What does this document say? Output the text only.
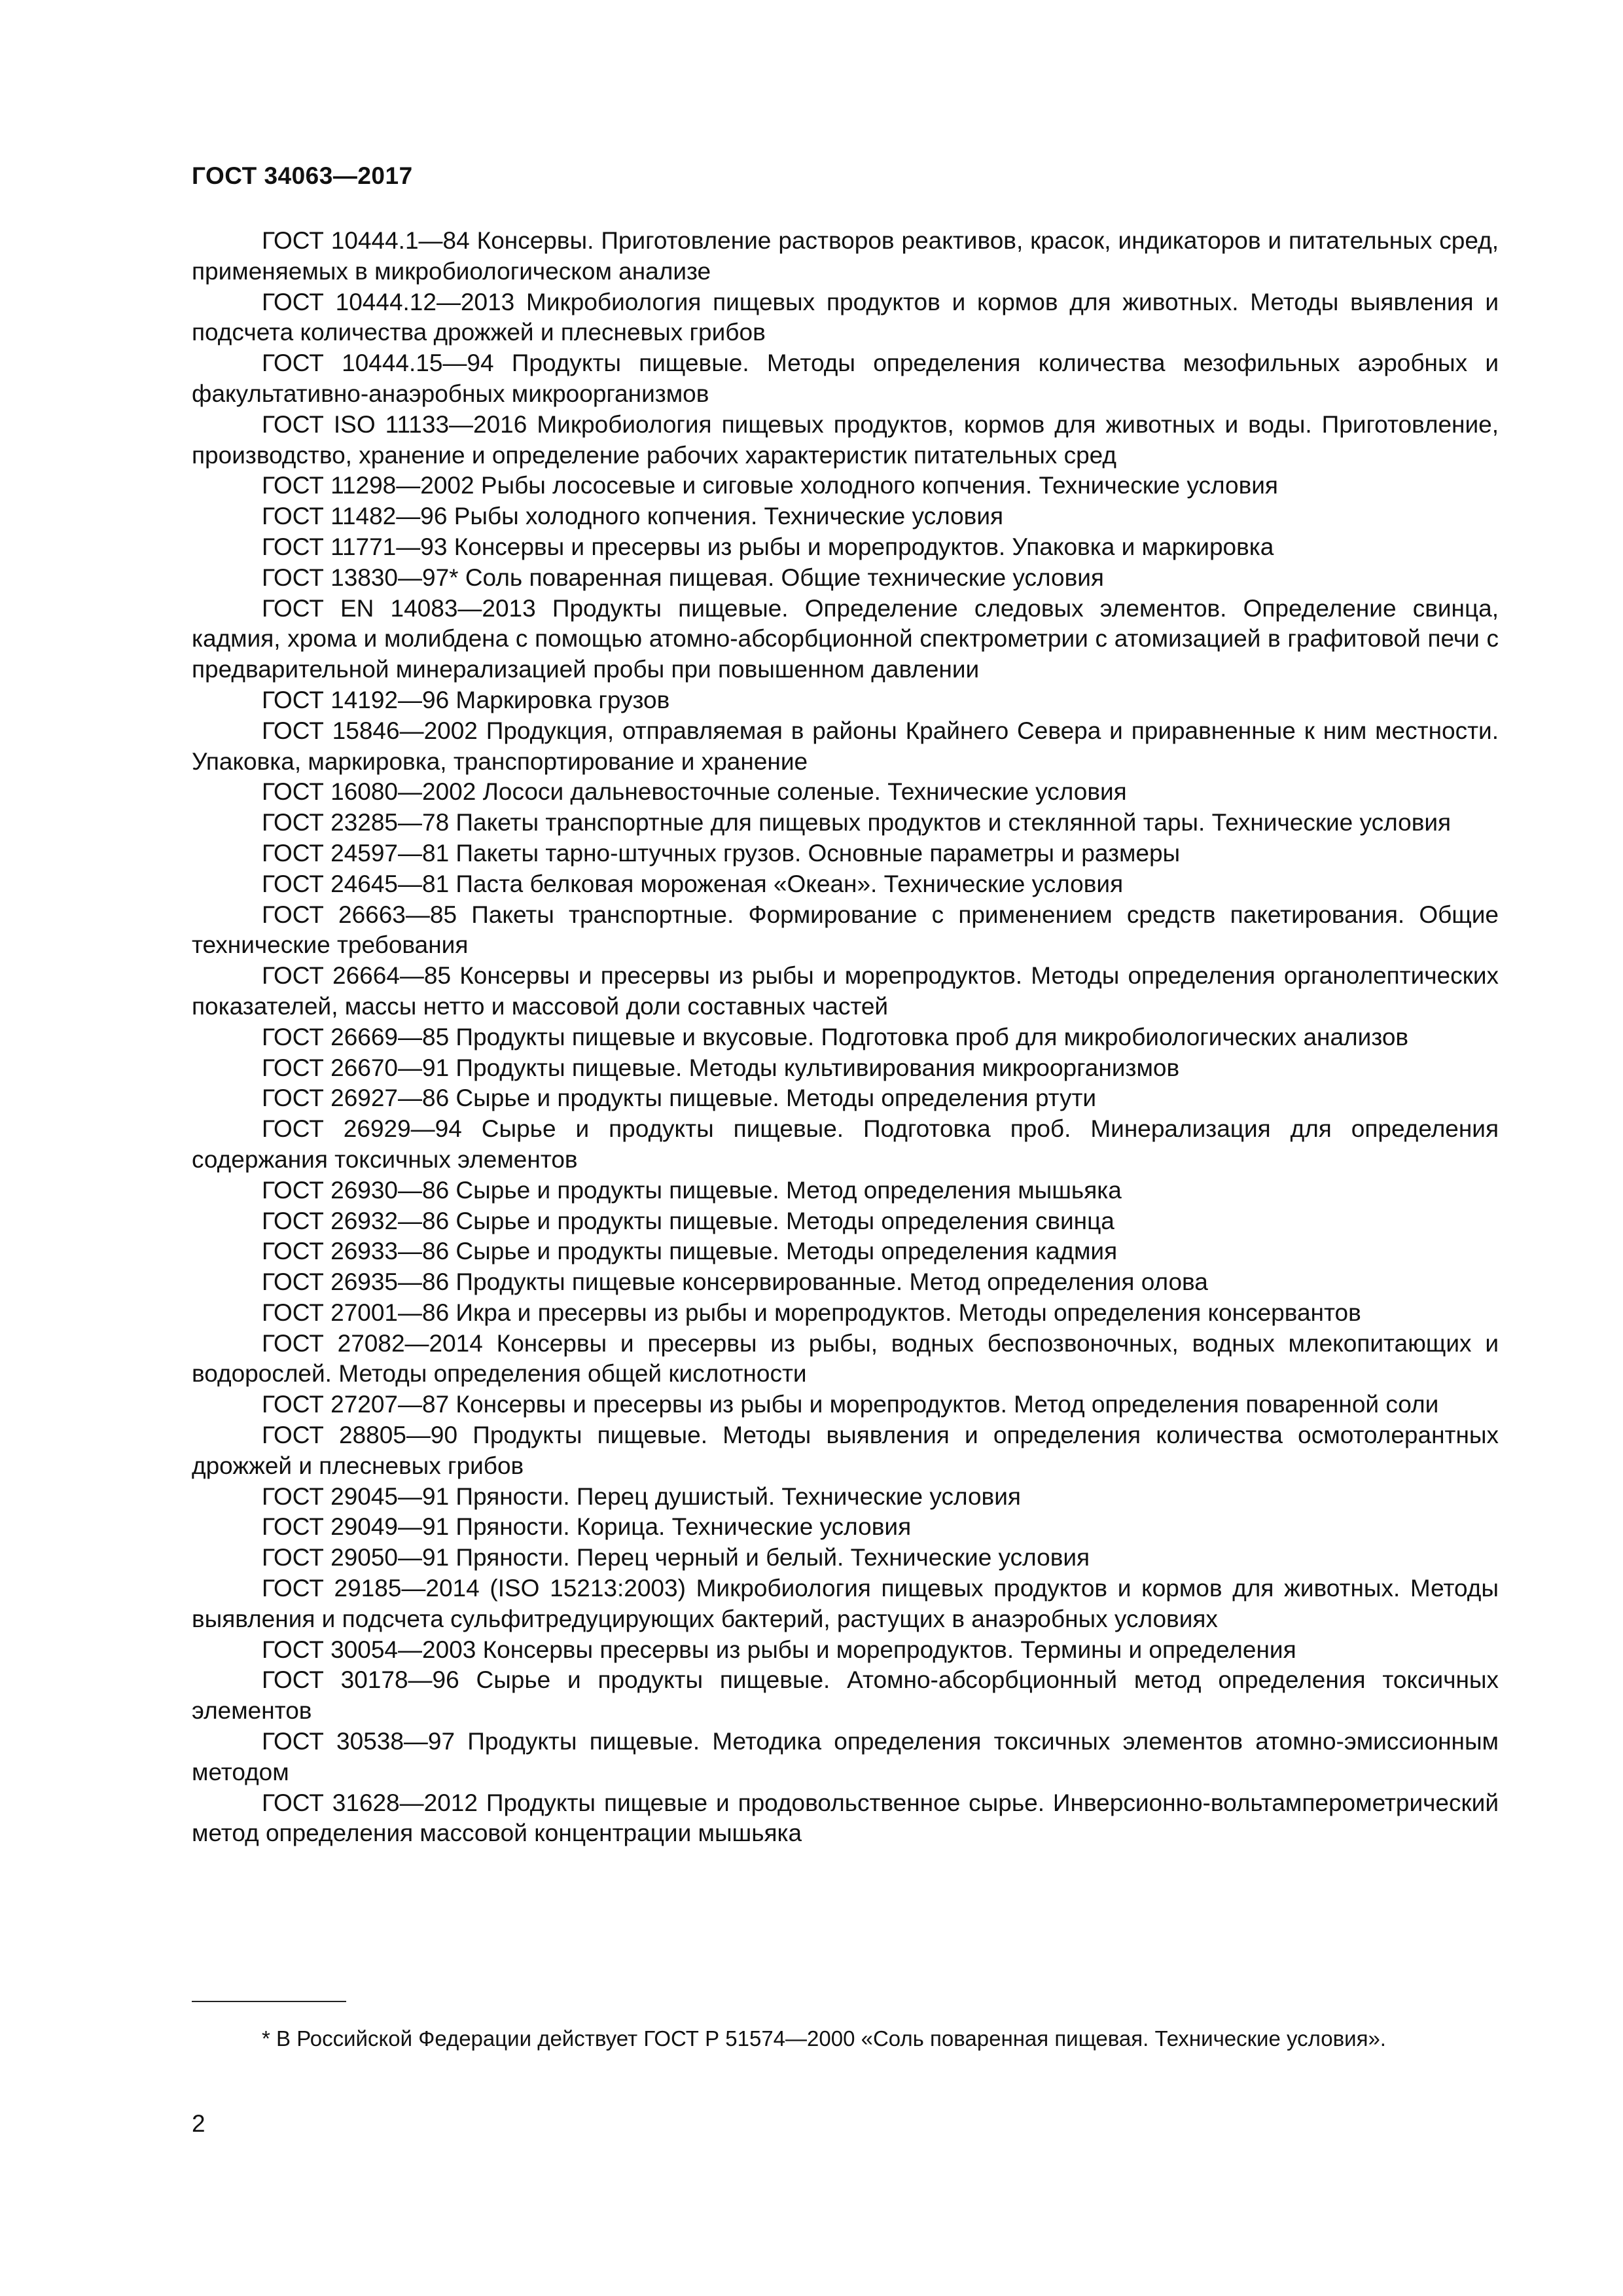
ГОСТ 34063—2017

ГОСТ 10444.1—84 Консервы. Приготовление растворов реактивов, красок, индикаторов и питательных сред, применяемых в микробиологическом анализе

ГОСТ 10444.12—2013 Микробиология пищевых продуктов и кормов для животных. Методы выявления и подсчета количества дрожжей и плесневых грибов

ГОСТ 10444.15—94 Продукты пищевые. Методы определения количества мезофильных аэробных и факультативно-анаэробных микроорганизмов

ГОСТ ISO 11133—2016 Микробиология пищевых продуктов, кормов для животных и воды. Приготовление, производство, хранение и определение рабочих характеристик питательных сред

ГОСТ 11298—2002 Рыбы лососевые и сиговые холодного копчения. Технические условия

ГОСТ 11482—96 Рыбы холодного копчения. Технические условия

ГОСТ 11771—93 Консервы и пресервы из рыбы и морепродуктов. Упаковка и маркировка

ГОСТ 13830—97* Соль поваренная пищевая. Общие технические условия

ГОСТ EN 14083—2013 Продукты пищевые. Определение следовых элементов. Определение свинца, кадмия, хрома и молибдена с помощью атомно-абсорбционной спектрометрии с атомизацией в графитовой печи с предварительной минерализацией пробы при повышенном давлении

ГОСТ 14192—96 Маркировка грузов

ГОСТ 15846—2002 Продукция, отправляемая в районы Крайнего Севера и приравненные к ним местности. Упаковка, маркировка, транспортирование и хранение

ГОСТ 16080—2002 Лососи дальневосточные соленые. Технические условия

ГОСТ 23285—78 Пакеты транспортные для пищевых продуктов и стеклянной тары. Технические условия

ГОСТ 24597—81 Пакеты тарно-штучных грузов. Основные параметры и размеры

ГОСТ 24645—81 Паста белковая мороженая «Океан». Технические условия

ГОСТ 26663—85 Пакеты транспортные. Формирование с применением средств пакетирования. Общие технические требования

ГОСТ 26664—85 Консервы и пресервы из рыбы и морепродуктов. Методы определения органолептических показателей, массы нетто и массовой доли составных частей

ГОСТ 26669—85 Продукты пищевые и вкусовые. Подготовка проб для микробиологических анализов

ГОСТ 26670—91 Продукты пищевые. Методы культивирования микроорганизмов

ГОСТ 26927—86 Сырье и продукты пищевые. Методы определения ртути

ГОСТ 26929—94 Сырье и продукты пищевые. Подготовка проб. Минерализация для определения содержания токсичных элементов

ГОСТ 26930—86 Сырье и продукты пищевые. Метод определения мышьяка

ГОСТ 26932—86 Сырье и продукты пищевые. Методы определения свинца

ГОСТ 26933—86 Сырье и продукты пищевые. Методы определения кадмия

ГОСТ 26935—86 Продукты пищевые консервированные. Метод определения олова

ГОСТ 27001—86 Икра и пресервы из рыбы и морепродуктов. Методы определения консервантов

ГОСТ 27082—2014 Консервы и пресервы из рыбы, водных беспозвоночных, водных млекопитающих и водорослей. Методы определения общей кислотности

ГОСТ 27207—87 Консервы и пресервы из рыбы и морепродуктов. Метод определения поваренной соли

ГОСТ 28805—90 Продукты пищевые. Методы выявления и определения количества осмотолерантных дрожжей и плесневых грибов

ГОСТ 29045—91 Пряности. Перец душистый. Технические условия

ГОСТ 29049—91 Пряности. Корица. Технические условия

ГОСТ 29050—91 Пряности. Перец черный и белый. Технические условия

ГОСТ 29185—2014 (ISO 15213:2003) Микробиология пищевых продуктов и кормов для животных. Методы выявления и подсчета сульфитредуцирующих бактерий, растущих в анаэробных условиях

ГОСТ 30054—2003 Консервы пресервы из рыбы и морепродуктов. Термины и определения

ГОСТ 30178—96 Сырье и продукты пищевые. Атомно-абсорбционный метод определения токсичных элементов

ГОСТ 30538—97 Продукты пищевые. Методика определения токсичных элементов атомно-эмиссионным методом

ГОСТ 31628—2012 Продукты пищевые и продовольственное сырье. Инверсионно-вольтамперометрический метод определения массовой концентрации мышьяка

* В Российской Федерации действует ГОСТ Р 51574—2000 «Соль поваренная пищевая. Технические условия».

2
